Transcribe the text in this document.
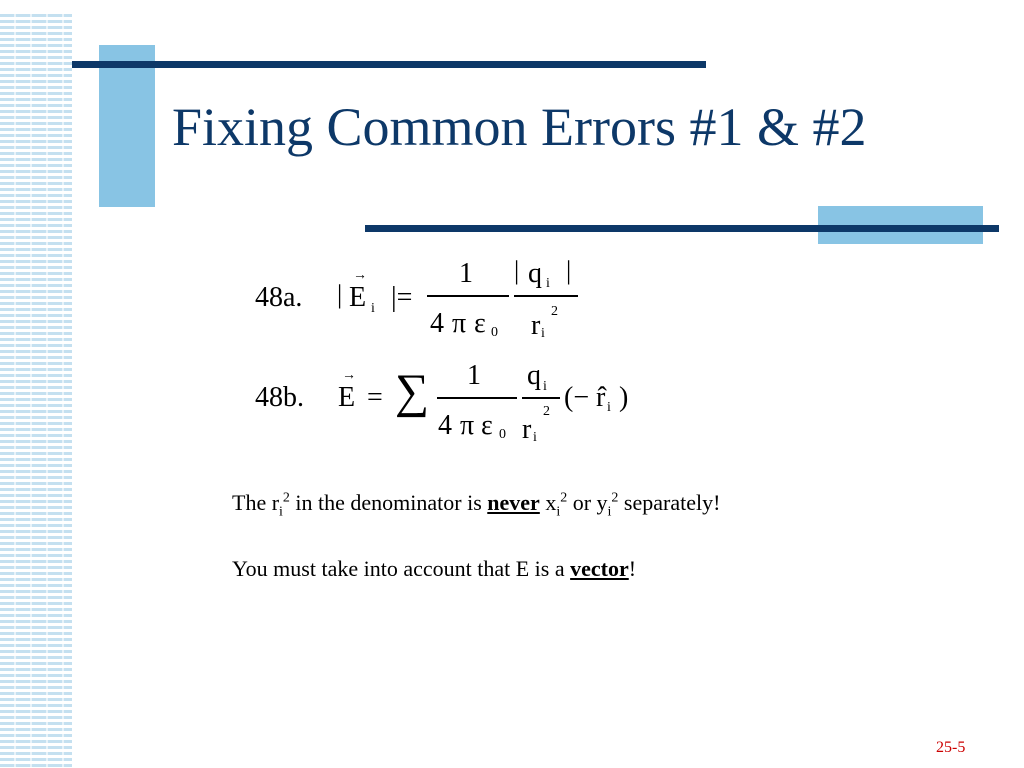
Fixing Common Errors #1 & #2
48a. |
→
E i |=
1
4 π ε 0
| q i |
r i
2
48b.
→
E = ∑ 1
4 π ε 0
q i
r i
2 (− r̂ i )
The $r_i^2$ in the denominator is never $x_i^2$ or $y_i^2$ separately!
You must take into account that E is a vector!
25-5
